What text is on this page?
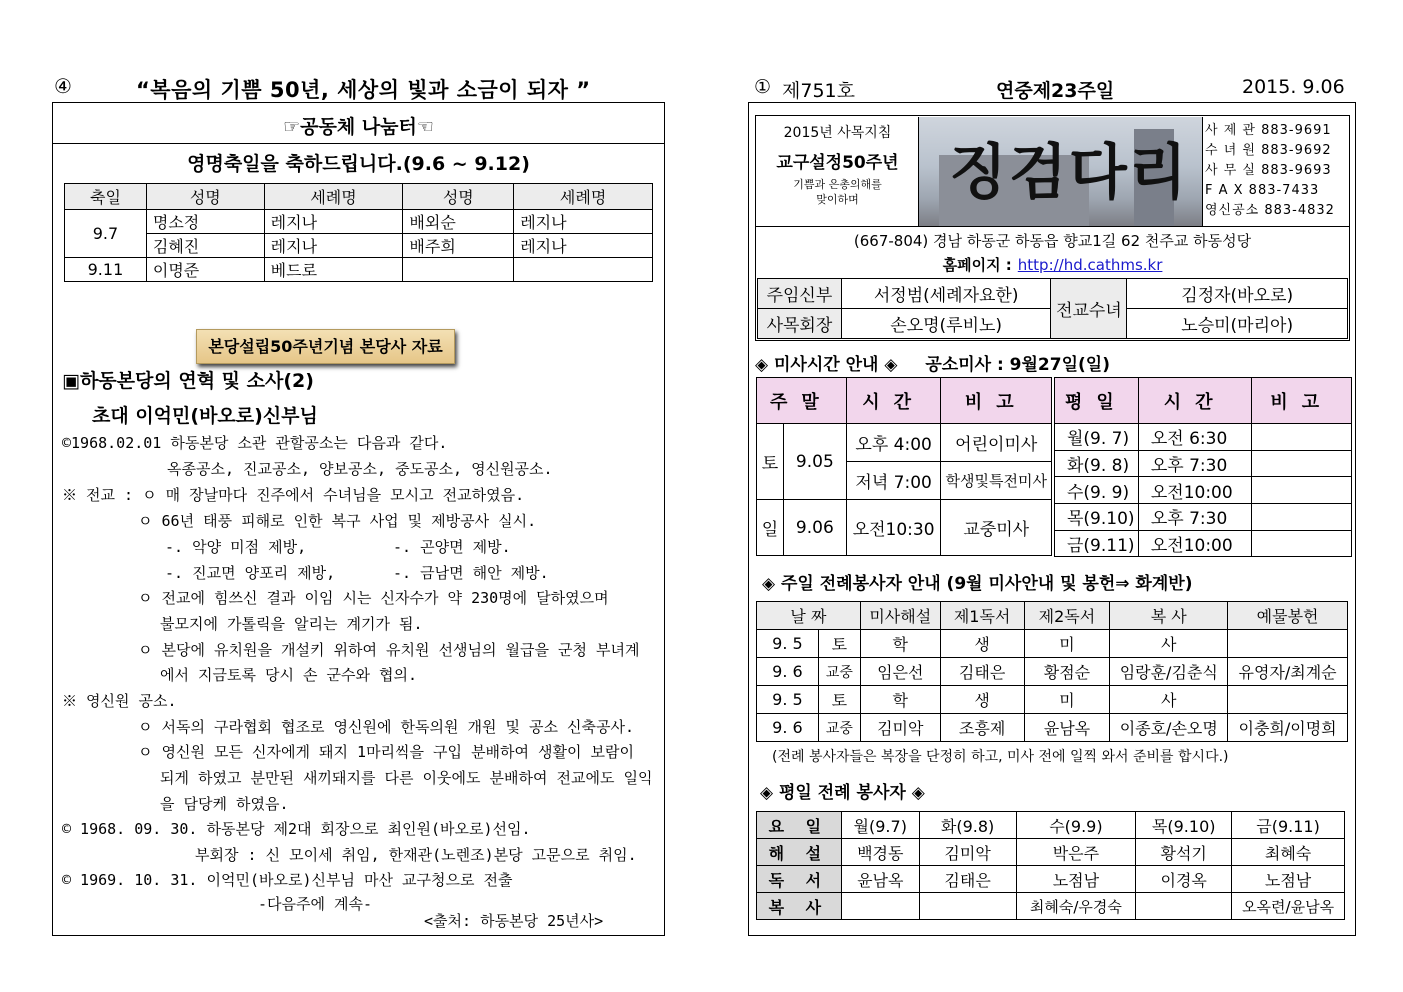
④	“복음의 기쁨 50년, 세상의 빛과 소금이 되자 ”
☞공동체 나눔터☜
영명축일을 축하드립니다.(9.6 ~ 9.12)
축일	성명	세례명	성명	세례명
9.7	명소정	레지나	배외순	레지나
	김혜진	레지나	배주희	레지나
9.11	이명준	베드로		
본당설립50주년기념 본당사 자료
▣하동본당의 연혁 및 소사(2)
초대 이억민(바오로)신부님
©1968.02.01 하동본당 소관 관할공소는 다음과 같다.
옥종공소, 진교공소, 양보공소, 중도공소, 영신원공소.
※ 전교 : ㅇ 매 장날마다 진주에서 수녀님을 모시고 전교하였음.
ㅇ 66년 태풍 피해로 인한 복구 사업 및 제방공사 실시.
-. 악양 미점 제방,	-. 곤양면 제방.
-. 진교면 양포리 제방,	-. 금남면 해안 제방.
ㅇ 전교에 힘쓰신 결과 이임 시는 신자수가 약 230명에 달하였으며
불모지에 가톨릭을 알리는 계기가 됨.
ㅇ 본당에 유치원을 개설키 위하여 유치원 선생님의 월급을 군청 부녀계
에서 지금토록 당시 손 군수와 협의.
※ 영신원 공소.
ㅇ 서독의 구라협회 협조로 영신원에 한독의원 개원 및 공소 신축공사.
ㅇ 영신원 모든 신자에게 돼지 1마리씩을 구입 분배하여 생활이 보람이
되게 하였고 분만된 새끼돼지를 다른 이웃에도 분배하여 전교에도 일익
을 담당케 하였음.
© 1968. 09. 30. 하동본당 제2대 회장으로 최인원(바오로)선임.
부회장 : 신 모이세 취임, 한재관(노렌조)본당 고문으로 취임.
© 1969. 10. 31. 이억민(바오로)신부님 마산 교구청으로 전출
-다음주에 계속-
<출처: 하동본당 25년사>
① 제751호	연중제23주일	2015. 9.06
2015년 사목지침
교구설정50주년
기쁨과 은총의해를
맞이하며	징검다리
사 제 관 883-9691
수 녀 원 883-9692
사 무 실 883-9693
F A X 883-7433
영신공소 883-4832
(667-804) 경남 하동군 하동읍 향교1길 62 천주교 하동성당
홈페이지 : http://hd.cathms.kr
주임신부	서정범(세례자요한)	전교수녀	김정자(바오로)
사목회장	손오명(루비노)		노승미(마리아)
◈ 미사시간 안내 ◈ 공소미사 : 9월27일(일)
주말		시간	비고
토	9.05	오후 4:00	어린이미사
		저녁 7:00	학생및특전미사
일	9.06	오전10:30	교중미사
평일	시간	비고
월(9. 7)	오전 6:30	
화(9. 8)	오후 7:30	
수(9. 9)	오전10:00	
목(9.10)	오후 7:30	
금(9.11)	오전10:00	
◈ 주일 전례봉사자 안내 (9월 미사안내 및 봉헌⇒ 화계반)
날 짜		미사해설	제1독서	제2독서	복 사	예물봉헌
9. 5	토	학	생	미	사	
9. 6	교중	임은선	김태은	황점순	임랑훈/김춘식	유영자/최계순
9. 5	토	학	생	미	사	
9. 6	교중	김미악	조흥제	윤남옥	이종호/손오명	이충희/이명희
(전례 봉사자들은 복장을 단정히 하고, 미사 전에 일찍 와서 준비를 합시다.)
◈ 평일 전례 봉사자 ◈
요 일	월(9.7)	화(9.8)	수(9.9)	목(9.10)	금(9.11)
해 설	백경동	김미악	박은주	황석기	최혜숙
독 서	윤남옥	김태은	노점남	이경옥	노점남
복 사			최혜숙/우경숙		오옥련/윤남옥
